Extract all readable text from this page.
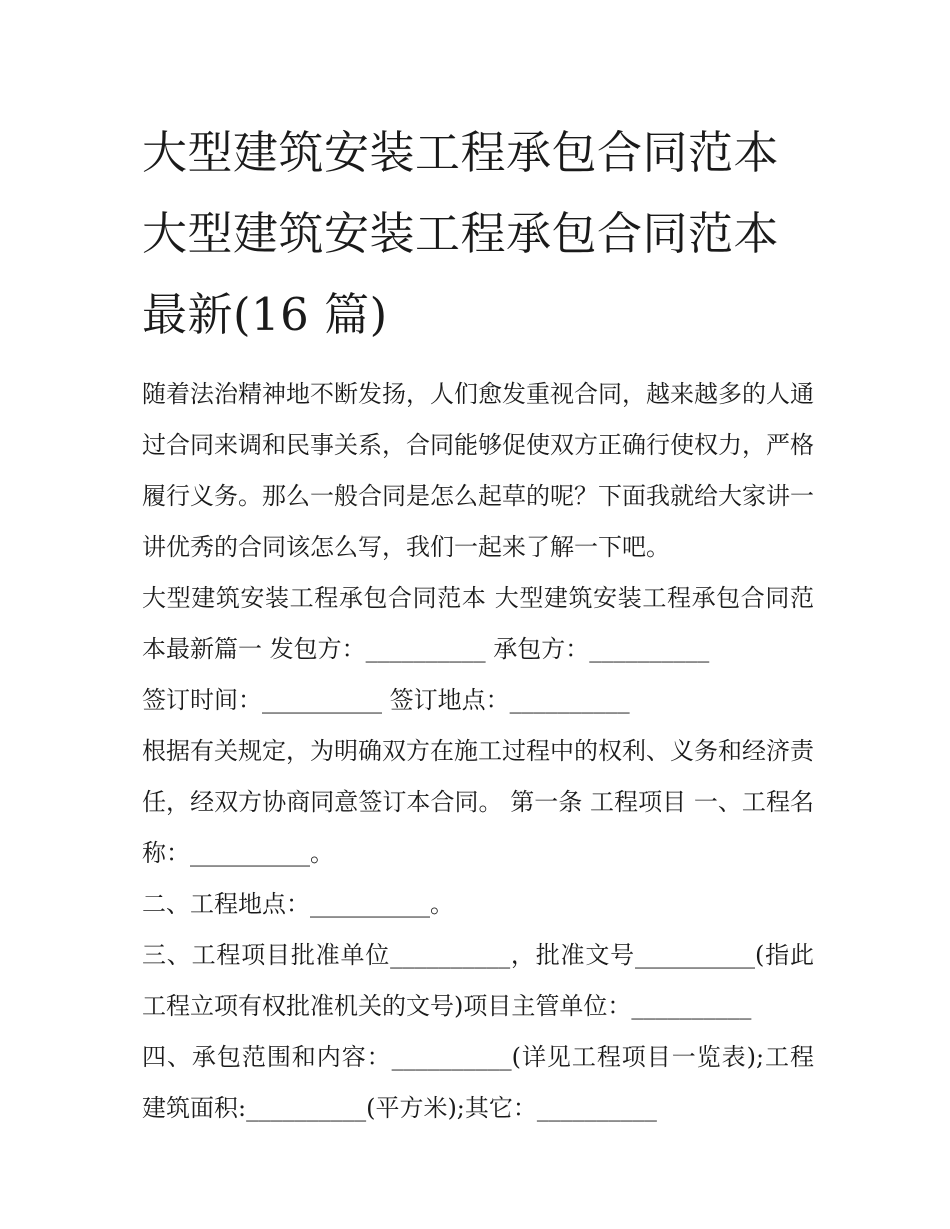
大型建筑安装工程承包合同范本 大型建筑安装工程承包合同范本最新(16 篇)

随着法治精神地不断发扬，人们愈发重视合同，越来越多的人通过合同来调和民事关系，合同能够促使双方正确行使权力，严格履行义务。那么一般合同是怎么起草的呢？下面我就给大家讲一讲优秀的合同该怎么写，我们一起来了解一下吧。

大型建筑安装工程承包合同范本 大型建筑安装工程承包合同范本最新篇一 发包方：__________ 承包方：__________

签订时间：__________ 签订地点：__________

根据有关规定，为明确双方在施工过程中的权利、义务和经济责任，经双方协商同意签订本合同。 第一条 工程项目 一、工程名称：__________。

二、工程地点：__________。

三、工程项目批准单位__________，批准文号__________(指此工程立项有权批准机关的文号)项目主管单位：__________

四、承包范围和内容：__________(详见工程项目一览表);工程建筑面积:__________(平方米);其它：__________
